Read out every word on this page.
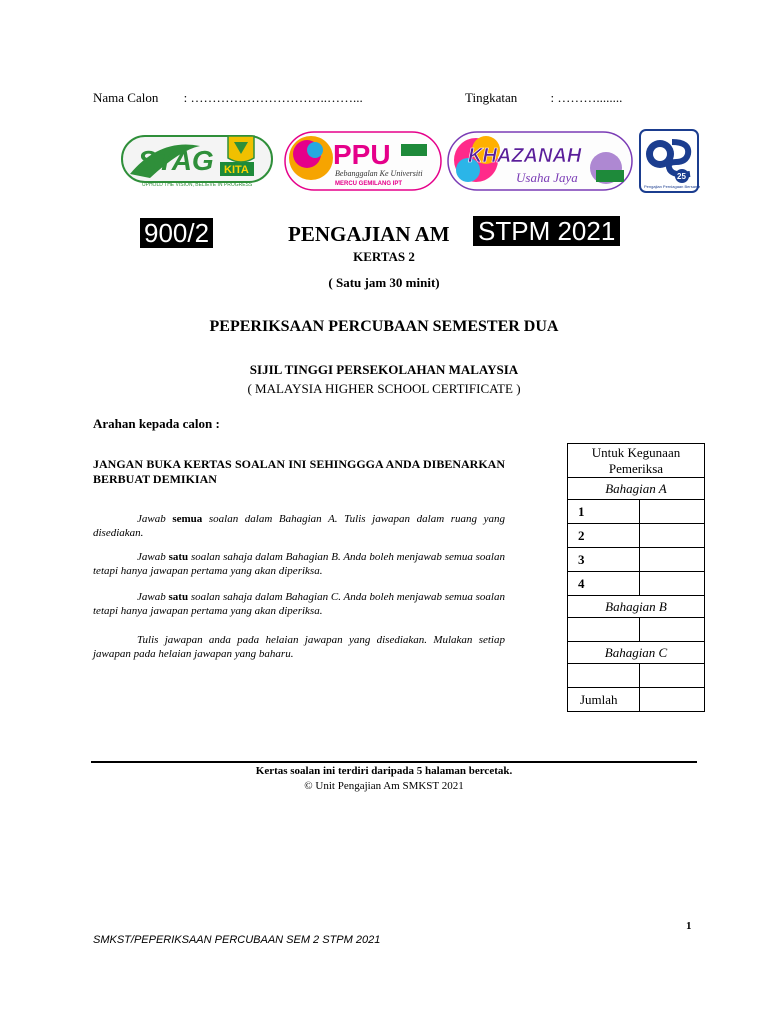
Nama Calon : …………………………..……...	Tingkatan	: ………........
STAG KITA
UPHOLD THE VISION, BELIEVE IN PROGRESS
PPU
Bebanggalan Ke Universiti
MERCU GEMILANG IPT
KHAZANAH
Usaha Jaya	25
Pengajian Perniagaan Bersama
900/2	PENGAJIAN AM STPM 2021
KERTAS 2
( Satu jam 30 minit)
PEPERIKSAAN PERCUBAAN SEMESTER DUA
SIJIL TINGGI PERSEKOLAHAN MALAYSIA
( MALAYSIA HIGHER SCHOOL CERTIFICATE )
Arahan kepada calon :
JANGAN BUKA KERTAS SOALAN INI SEHINGGGA ANDA DIBENARKAN BERBUAT DEMIKIAN
Jawab semua soalan dalam Bahagian A. Tulis jawapan dalam ruang yang disediakan.
Jawab satu soalan sahaja dalam Bahagian B. Anda boleh menjawab semua soalan tetapi hanya jawapan pertama yang akan diperiksa.
Jawab satu soalan sahaja dalam Bahagian C. Anda boleh menjawab semua soalan tetapi hanya jawapan pertama yang akan diperiksa.
Tulis jawapan anda pada helaian jawapan yang disediakan. Mulakan setiap jawapan pada helaian jawapan yang baharu.
Untuk Kegunaan Pemeriksa	
Bahagian A	
1	
2	
3	
4	
Bahagian B	

Bahagian C	

Jumlah	
Kertas soalan ini terdiri daripada 5 halaman bercetak.
© Unit Pengajian Am SMKST 2021
1
SMKST/PEPERIKSAAN PERCUBAAN SEM 2 STPM 2021
